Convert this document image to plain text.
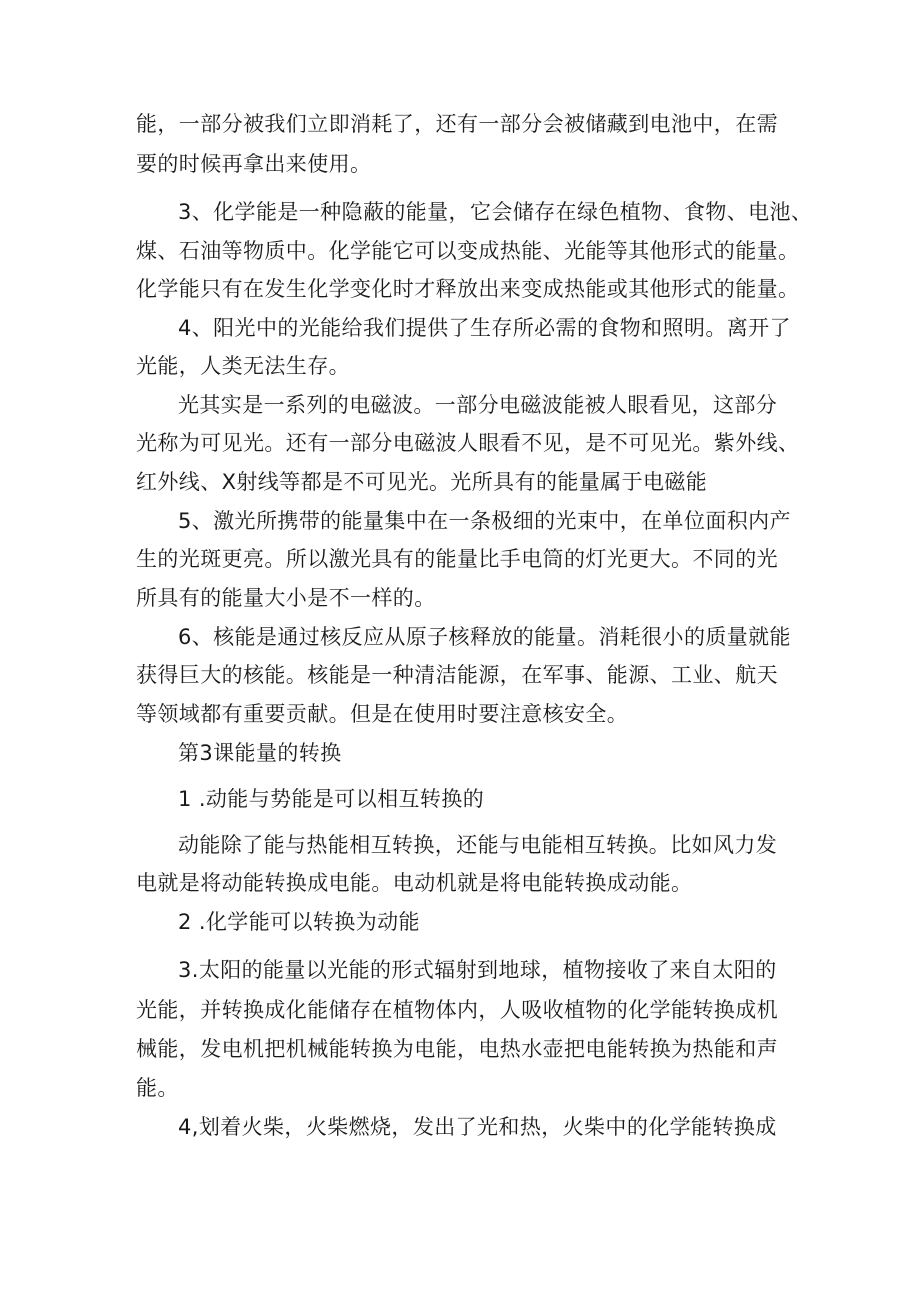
能，一部分被我们立即消耗了，还有一部分会被储藏到电池中，在需

要的时候再拿出来使用。

3、化学能是一种隐蔽的能量，它会储存在绿色植物、食物、电池、

煤、石油等物质中。化学能它可以变成热能、光能等其他形式的能量。

化学能只有在发生化学变化时才释放出来变成热能或其他形式的能量。

4、阳光中的光能给我们提供了生存所必需的食物和照明。离开了

光能，人类无法生存。

光其实是一系列的电磁波。一部分电磁波能被人眼看见，这部分

光称为可见光。还有一部分电磁波人眼看不见，是不可见光。紫外线、

红外线、X射线等都是不可见光。光所具有的能量属于电磁能

5、激光所携带的能量集中在一条极细的光束中，在单位面积内产

生的光斑更亮。所以激光具有的能量比手电筒的灯光更大。不同的光

所具有的能量大小是不一样的。

6、核能是通过核反应从原子核释放的能量。消耗很小的质量就能

获得巨大的核能。核能是一种清洁能源，在军事、能源、工业、航天

等领域都有重要贡献。但是在使用时要注意核安全。

第3课能量的转换

1 .动能与势能是可以相互转换的

动能除了能与热能相互转换，还能与电能相互转换。比如风力发

电就是将动能转换成电能。电动机就是将电能转换成动能。

2 .化学能可以转换为动能

3.太阳的能量以光能的形式辐射到地球，植物接收了来自太阳的

光能，并转换成化能储存在植物体内，人吸收植物的化学能转换成机

械能，发电机把机械能转换为电能，电热水壶把电能转换为热能和声

能。

4,划着火柴，火柴燃烧，发出了光和热，火柴中的化学能转换成
